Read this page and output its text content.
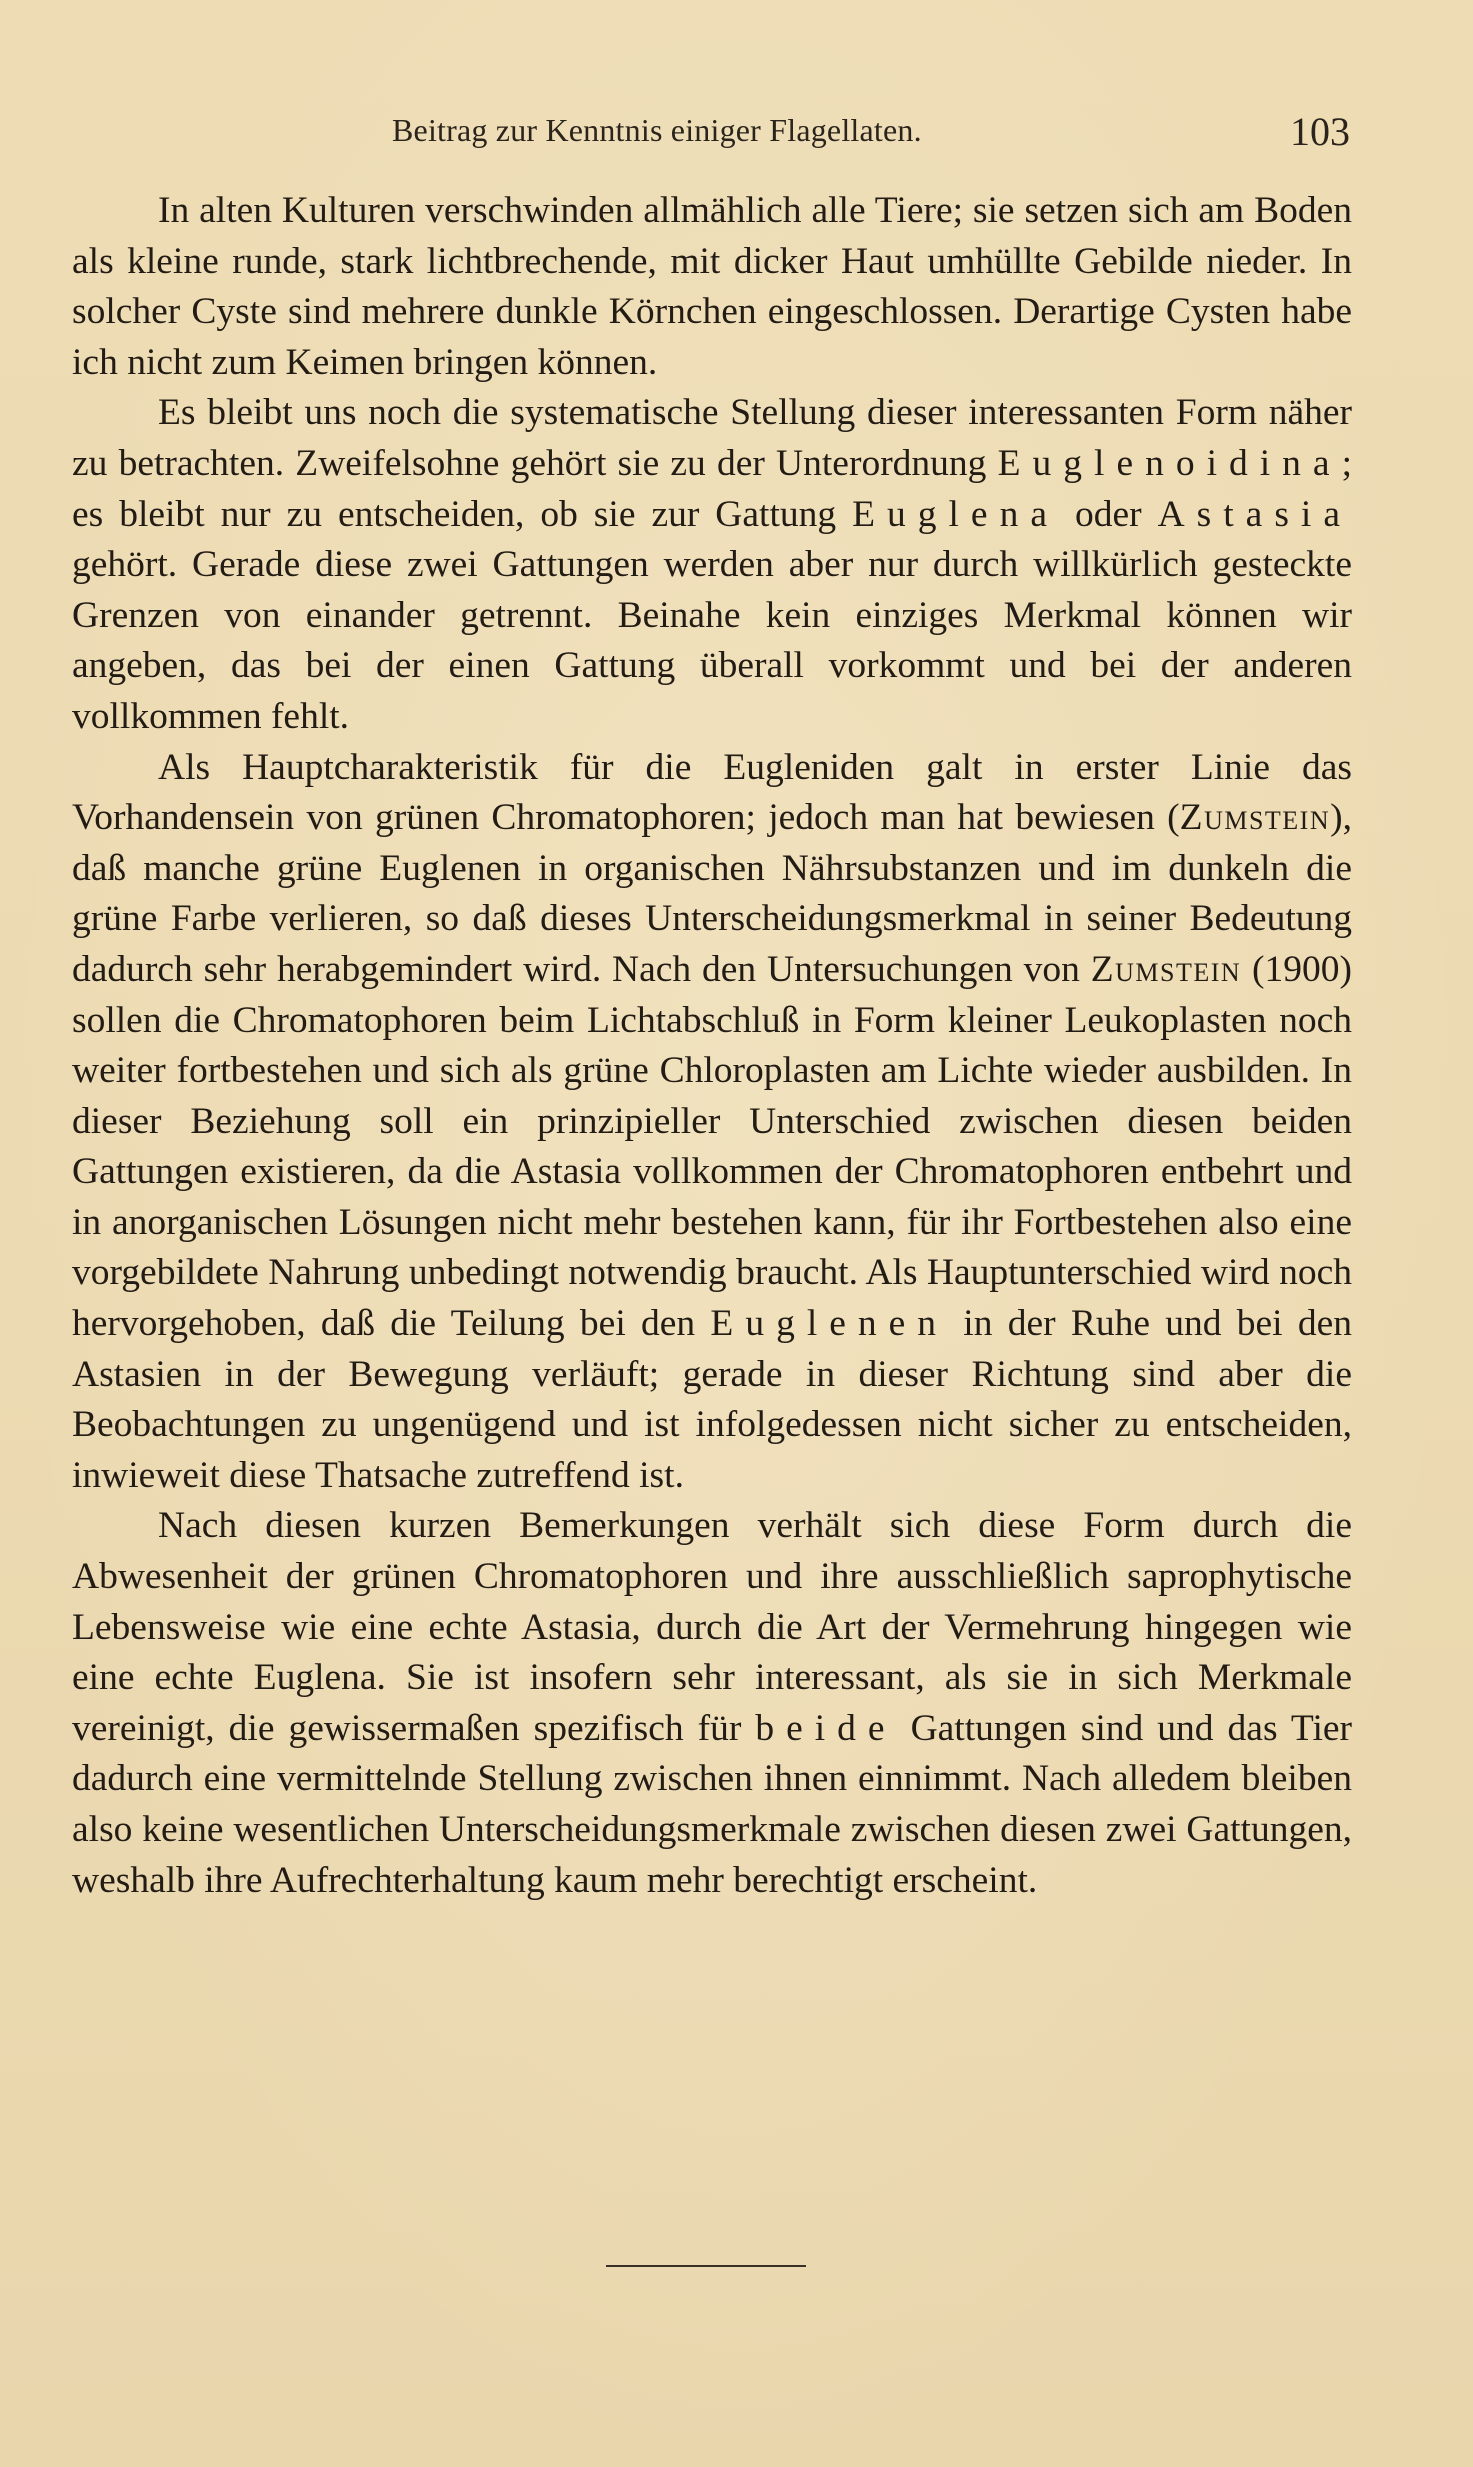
Beitrag zur Kenntnis einiger Flagellaten.	103

In alten Kulturen verschwinden allmählich alle Tiere; sie setzen sich am Boden als kleine runde, stark lichtbrechende, mit dicker Haut umhüllte Gebilde nieder. In solcher Cyste sind mehrere dunkle Körnchen eingeschlossen. Derartige Cysten habe ich nicht zum Keimen bringen können.

Es bleibt uns noch die systematische Stellung dieser interessanten Form näher zu betrachten. Zweifelsohne gehört sie zu der Unterordnung Euglenoidina; es bleibt nur zu entscheiden, ob sie zur Gattung Euglena oder Astasia gehört. Gerade diese zwei Gattungen werden aber nur durch willkürlich gesteckte Grenzen von einander getrennt. Beinahe kein einziges Merkmal können wir angeben, das bei der einen Gattung überall vorkommt und bei der anderen vollkommen fehlt.

Als Hauptcharakteristik für die Eugleniden galt in erster Linie das Vorhandensein von grünen Chromatophoren; jedoch man hat bewiesen (Zumstein), daß manche grüne Euglenen in organischen Nährsubstanzen und im dunkeln die grüne Farbe verlieren, so daß dieses Unterscheidungsmerkmal in seiner Bedeutung dadurch sehr herabgemindert wird. Nach den Untersuchungen von Zumstein (1900) sollen die Chromatophoren beim Lichtabschluß in Form kleiner Leukoplasten noch weiter fortbestehen und sich als grüne Chloroplasten am Lichte wieder ausbilden. In dieser Beziehung soll ein prinzipieller Unterschied zwischen diesen beiden Gattungen existieren, da die Astasia vollkommen der Chromatophoren entbehrt und in anorganischen Lösungen nicht mehr bestehen kann, für ihr Fortbestehen also eine vorgebildete Nahrung unbedingt notwendig braucht. Als Hauptunterschied wird noch hervorgehoben, daß die Teilung bei den Euglenen in der Ruhe und bei den Astasien in der Bewegung verläuft; gerade in dieser Richtung sind aber die Beobachtungen zu ungenügend und ist infolgedessen nicht sicher zu entscheiden, inwieweit diese Thatsache zutreffend ist.

Nach diesen kurzen Bemerkungen verhält sich diese Form durch die Abwesenheit der grünen Chromatophoren und ihre ausschließlich saprophytische Lebensweise wie eine echte Astasia, durch die Art der Vermehrung hingegen wie eine echte Euglena. Sie ist insofern sehr interessant, als sie in sich Merkmale vereinigt, die gewissermaßen spezifisch für beide Gattungen sind und das Tier dadurch eine vermittelnde Stellung zwischen ihnen einnimmt. Nach alledem bleiben also keine wesentlichen Unterscheidungsmerkmale zwischen diesen zwei Gattungen, weshalb ihre Aufrechterhaltung kaum mehr berechtigt erscheint.
